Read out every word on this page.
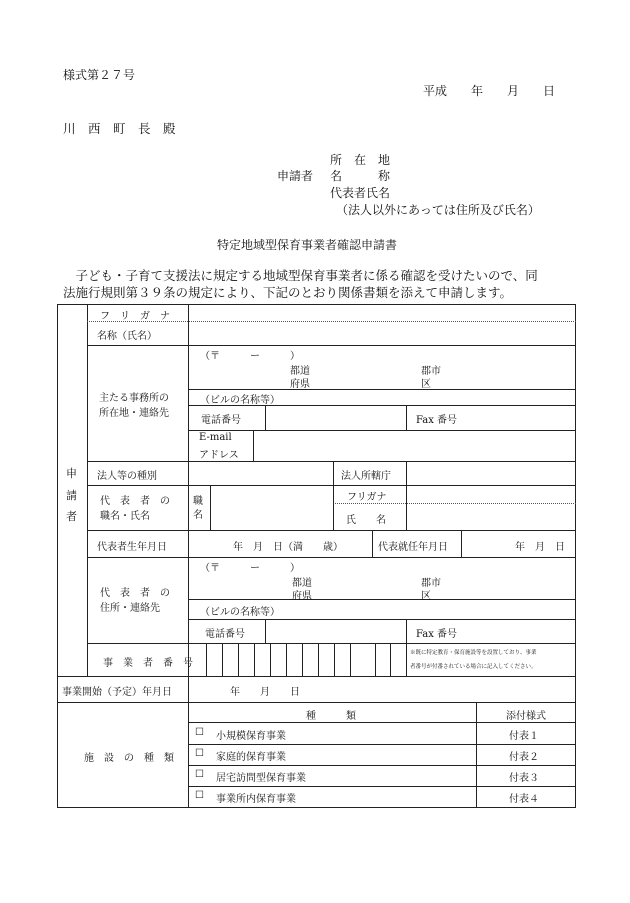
様式第２７号
平成　　年　　月　　日
川　西　町　長　殿
所　在　地
申請者 名　　　称
代表者氏名
（法人以外にあっては住所及び氏名）
特定地域型保育事業者確認申請書
　子ども・子育て支援法に規定する地域型保育事業者に係る確認を受けたいので、同
法施行規則第３９条の規定により、下記のとおり関係書類を添えて申請します。
申
請
者
フ　リ　ガ　ナ
名称（氏名）
主たる事務所の
所在地・連絡先
（〒　　　ー　　　）
都道
府県
郡市
区
（ビルの名称等）
電話番号	Fax 番号
E-mail
アドレス
法人等の種別	法人所轄庁
代　表　者　の
職名・氏名
職
名
フリガナ
氏　　名
代表者生年月日	年　月　日（満　　歳）	代表就任年月日	年　月　日
代　表　者　の
住所・連絡先
（〒　　　ー　　　）
都道
府県
郡市
区
（ビルの名称等）
電話番号	Fax 番号
事　業　者　番　号
※既に特定教育・保育施設等を設置しており、事業
者番号が付番されている場合に記入してください。
事業開始（予定）年月日	年　　月　　日
施　設　の　種　類
種　　　類	添付様式
☐ 小規模保育事業	付表１
☐ 家庭的保育事業	付表２
☐ 居宅訪問型保育事業	付表３
☐ 事業所内保育事業	付表４
